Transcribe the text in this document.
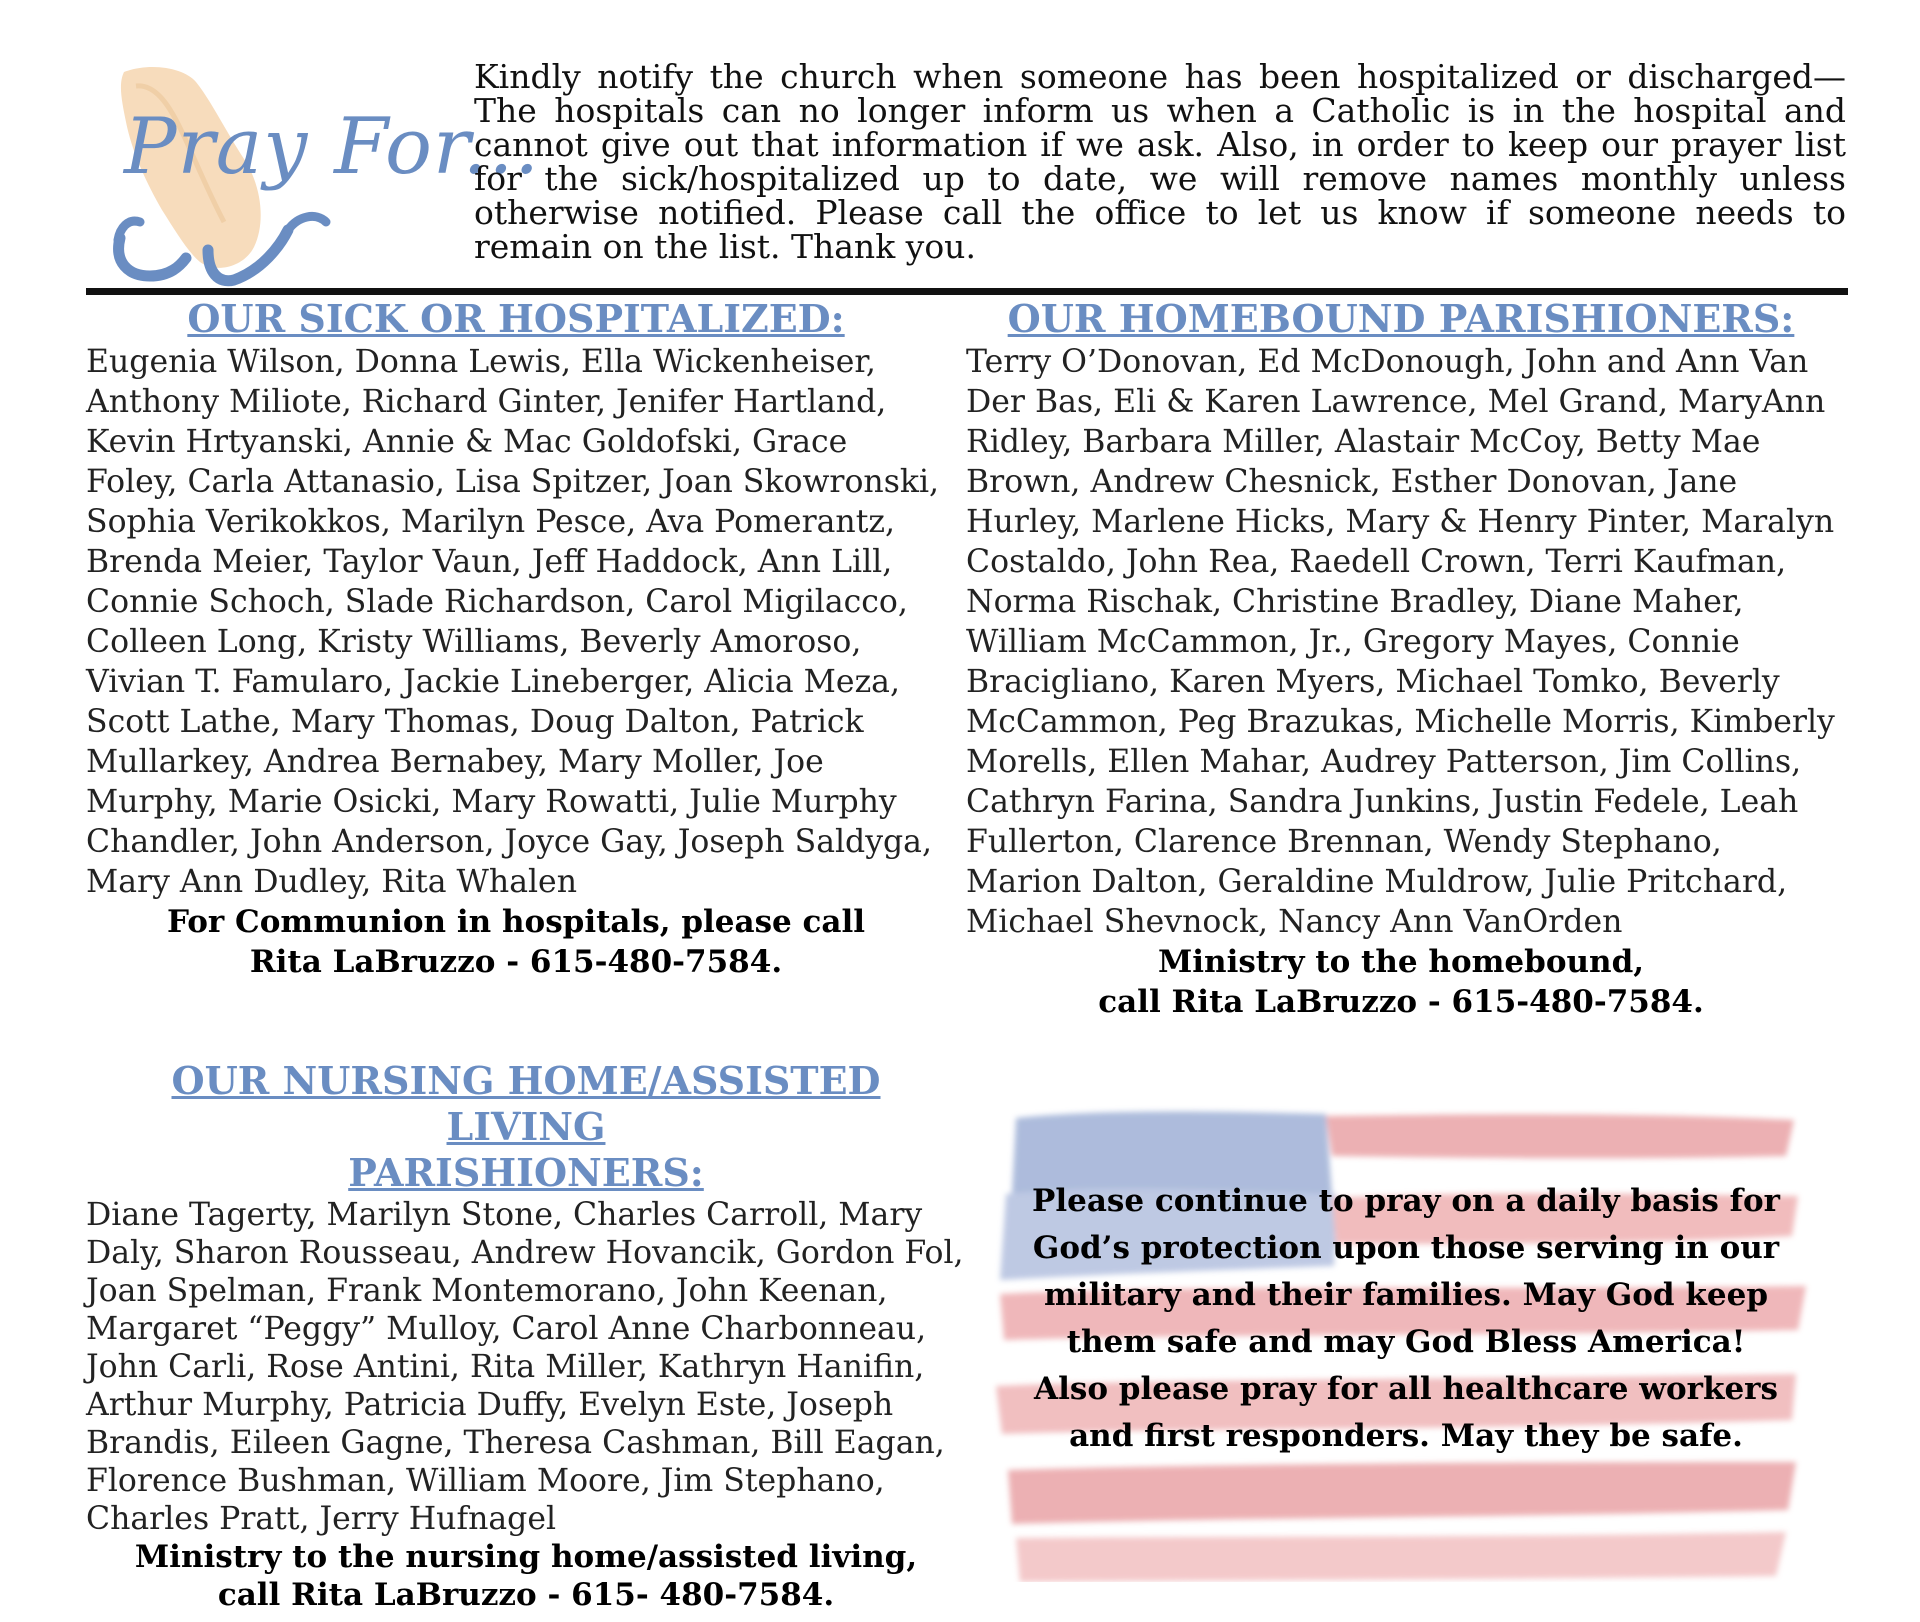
Pray For...
Kindly notify the church when someone has been hospitalized or discharged—The hospitals can no longer inform us when a Catholic is in the hospital and cannot give out that information if we ask. Also, in order to keep our prayer list for the sick/hospitalized up to date, we will remove names monthly unless otherwise notified. Please call the office to let us know if someone needs to remain on the list. Thank you.
OUR SICK OR HOSPITALIZED:
Eugenia Wilson, Donna Lewis, Ella Wickenheiser, Anthony Miliote, Richard Ginter, Jenifer Hartland, Kevin Hrtyanski, Annie & Mac Goldofski, Grace Foley, Carla Attanasio, Lisa Spitzer, Joan Skowronski, Sophia Verikokkos, Marilyn Pesce, Ava Pomerantz, Brenda Meier, Taylor Vaun, Jeff Haddock, Ann Lill, Connie Schoch, Slade Richardson, Carol Migilacco, Colleen Long, Kristy Williams, Beverly Amoroso, Vivian T. Famularo, Jackie Lineberger, Alicia Meza, Scott Lathe, Mary Thomas, Doug Dalton, Patrick Mullarkey, Andrea Bernabey, Mary Moller, Joe Murphy, Marie Osicki, Mary Rowatti, Julie Murphy Chandler, John Anderson, Joyce Gay, Joseph Saldyga, Mary Ann Dudley, Rita Whalen
For Communion in hospitals, please call
Rita LaBruzzo - 615-480-7584.
OUR HOMEBOUND PARISHIONERS:
Terry O’Donovan, Ed McDonough, John and Ann Van Der Bas, Eli & Karen Lawrence, Mel Grand, MaryAnn Ridley, Barbara Miller, Alastair McCoy, Betty Mae Brown, Andrew Chesnick, Esther Donovan, Jane Hurley, Marlene Hicks, Mary & Henry Pinter, Maralyn Costaldo, John Rea, Raedell Crown, Terri Kaufman, Norma Rischak, Christine Bradley, Diane Maher, William McCammon, Jr., Gregory Mayes, Connie Bracigliano, Karen Myers, Michael Tomko, Beverly McCammon, Peg Brazukas, Michelle Morris, Kimberly Morells, Ellen Mahar, Audrey Patterson, Jim Collins, Cathryn Farina, Sandra Junkins, Justin Fedele, Leah Fullerton, Clarence Brennan, Wendy Stephano, Marion Dalton, Geraldine Muldrow, Julie Pritchard, Michael Shevnock, Nancy Ann VanOrden
Ministry to the homebound,
call Rita LaBruzzo - 615-480-7584.
OUR NURSING HOME/ASSISTED LIVING
PARISHIONERS:
Diane Tagerty, Marilyn Stone, Charles Carroll, Mary Daly, Sharon Rousseau, Andrew Hovancik, Gordon Fol, Joan Spelman, Frank Montemorano, John Keenan, Margaret “Peggy” Mulloy, Carol Anne Charbonneau, John Carli, Rose Antini, Rita Miller, Kathryn Hanifin, Arthur Murphy, Patricia Duffy, Evelyn Este, Joseph Brandis, Eileen Gagne, Theresa Cashman, Bill Eagan, Florence Bushman, William Moore, Jim Stephano, Charles Pratt, Jerry Hufnagel
Ministry to the nursing home/assisted living,
call Rita LaBruzzo - 615- 480-7584.
Please continue to pray on a daily basis for God’s protection upon those serving in our military and their families. May God keep them safe and may God Bless America!
Also please pray for all healthcare workers and first responders. May they be safe.
